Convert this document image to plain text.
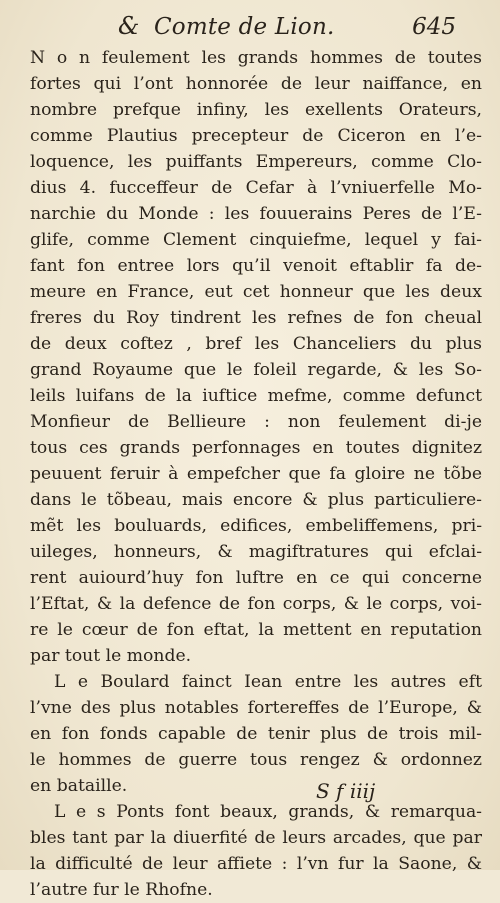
& Comte de Lion.	645
N o n feulement les grands hommes de toutes
fortes qui l’ont honnorée de leur naiffance, en
nombre prefque infiny, les exellents Orateurs,
comme Plautius precepteur de Ciceron en l’e-
loquence, les puiffants Empereurs, comme Clo-
dius 4. fucceffeur de Cefar à l’vniuerfelle Mo-
narchie du Monde : les fouuerains Peres de l’E-
glife, comme Clement cinquiefme, lequel y fai-
fant fon entree lors qu’il venoit eftablir fa de-
meure en France, eut cet honneur que les deux
freres du Roy tindrent les refnes de fon cheual
de deux coftez , bref les Chanceliers du plus
grand Royaume que le foleil regarde, & les So-
leils luifans de la iuftice mefme, comme defunct
Monfieur de Bellieure : non feulement di-je
tous ces grands perfonnages en toutes dignitez
peuuent feruir à empefcher que fa gloire ne tõbe
dans le tõbeau, mais encore & plus particuliere-
mẽt les bouluards, edifices, embeliffemens, pri-
uileges, honneurs, & magiftratures qui efclai-
rent auiourd’huy fon luftre en ce qui concerne
l’Eftat, & la defence de fon corps, & le corps, voi-
re le cœur de fon eftat, la mettent en reputation
par tout le monde.
L e Boulard fainct Iean entre les autres eft
l’vne des plus notables fortereffes de l’Europe, &
en fon fonds capable de tenir plus de trois mil-
le hommes de guerre tous rengez & ordonnez
en bataille.
L e s Ponts font beaux, grands, & remarqua-
bles tant par la diuerfité de leurs arcades, que par
la difficulté de leur affiete : l’vn fur la Saone, &
l’autre fur le Rhofne.
S f iiij
